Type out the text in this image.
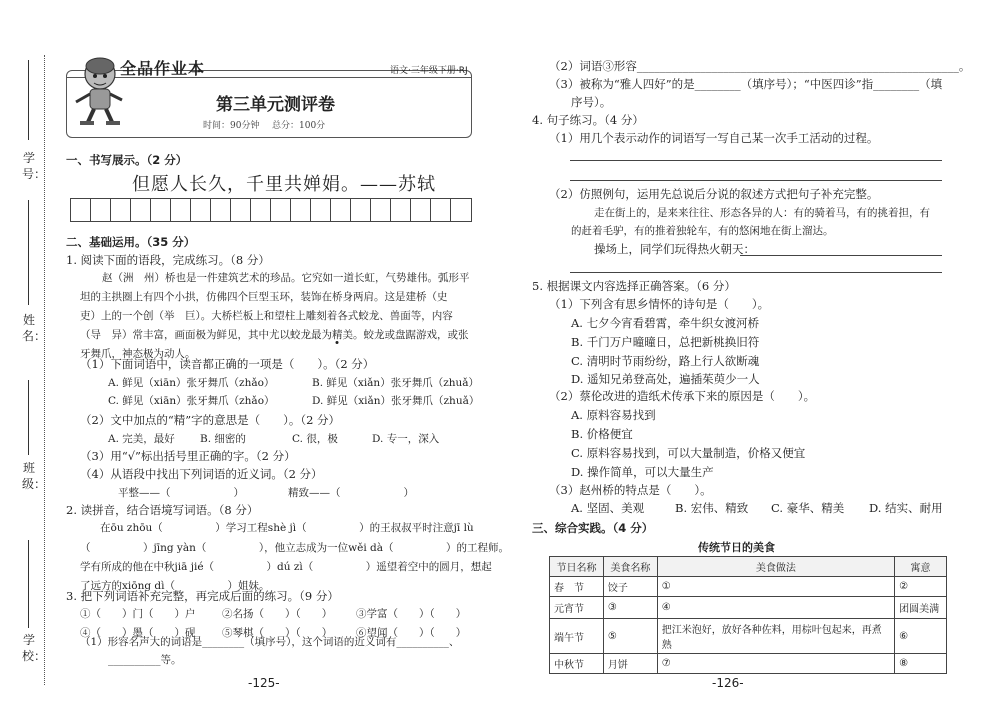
学号：
姓名：
班级：
学校：
全品作业本	语文·三年级下册·RJ
第三单元测评卷
时间：90分钟 总分：100分
一、书写展示。（2 分）
但愿人长久，千里共婵娟。——苏轼
二、基础运用。（35 分）
1. 阅读下面的语段，完成练习。（8 分）
赵（洲　州）桥也是一件建筑艺术的珍品。它究如一道长虹，气势雄伟。弧形平
坦的主拱圈上有四个小拱，仿佛四个巨型玉环，装饰在桥身两肩。这是建桥（史
吏）上的一个创（举　巨）。大桥栏板上和望柱上雕刻着各式蛟龙、兽面等，内容
（导　异）常丰富，画面极为鲜见，其中尤以蛟龙最为精美。蛟龙或盘踞游戏，或张
牙舞爪，神态极为动人。
（1）下面词语中，读音都正确的一项是（　　）。（2 分）
A. 鲜见（xiān）张牙舞爪（zhǎo）	B. 鲜见（xiǎn）张牙舞爪（zhuǎ）
C. 鲜见（xiān）张牙舞爪（zhǎo）	D. 鲜见（xiǎn）张牙舞爪（zhuǎ）
（2）文中加点的“精”字的意思是（　　）。（2 分）
A. 完美，最好 B. 细密的	C. 很，极	D. 专一，深入
（3）用“√”标出括号里正确的字。（2 分）
（4）从语段中找出下列词语的近义词。（2 分）
平整——（　　　　　　）	精致——（　　　　　　）
2. 读拼音，结合语境写词语。（8 分）
在ōu zhōu（　　　　　）学习工程shè jì（　　　　　）的王叔叔平时注意jī lù
（　　　　　）jīng yàn（　　　　　），他立志成为一位wěi dà（　　　　　）的工程师。
学有所成的他在中秋jiā jié（　　　　　）dú zì（　　　　　）遥望着空中的圆月，想起
了远方的xiōng dì（　　　　　）姐妹。
3. 把下列词语补充完整，再完成后面的练习。（9 分）
①（　　）门（　　）户	②名扬（　　）（　　） ③学富（　　）（　　）
④（　　）墨（　　）砚	⑤琴棋（　　）（　　） ⑥望闻（　　）（　　）
（1）形容名声大的词语是________（填序号），这个词语的近义词有__________、
__________等。
-125-
（2）词语③形容________________________________________________________。
（3）被称为“雅人四好”的是________（填序号）；“中医四诊”指________（填
序号）。
4. 句子练习。（4 分）
（1）用几个表示动作的词语写一写自己某一次手工活动的过程。
（2）仿照例句，运用先总说后分说的叙述方式把句子补充完整。
走在街上的，是来来往往、形态各异的人：有的骑着马，有的挑着担，有
的赶着毛驴，有的推着独轮车，有的悠闲地在街上溜达。
操场上，同学们玩得热火朝天：
5. 根据课文内容选择正确答案。（6 分）
（1）下列含有思乡情怀的诗句是（　　）。
A. 七夕今宵看碧霄，牵牛织女渡河桥
B. 千门万户曈曈日，总把新桃换旧符
C. 清明时节雨纷纷，路上行人欲断魂
D. 遥知兄弟登高处，遍插茱萸少一人
（2）蔡伦改进的造纸术传承下来的原因是（　　）。
A. 原料容易找到
B. 价格便宜
C. 原料容易找到，可以大量制造，价格又便宜
D. 操作简单，可以大量生产
（3）赵州桥的特点是（　　）。
A. 坚固、美观	B. 宏伟、精致 C. 豪华、精美 D. 结实、耐用
三、综合实践。（4 分）
传统节日的美食
节日名称	美食名称	美食做法	寓意
春　节	饺子	①	②
元宵节	③	④	团圆美满
端午节	⑤	把江米泡好，放好各种佐料，用棕叶包起来，再煮熟	⑥
中秋节	月饼	⑦	⑧
-126-
